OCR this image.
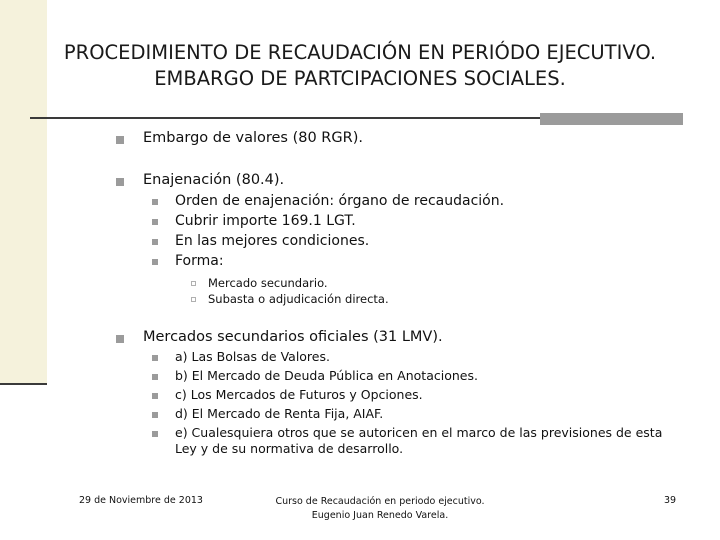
PROCEDIMIENTO DE RECAUDACIÓN EN PERIÓDO EJECUTIVO.
EMBARGO DE PARTCIPACIONES SOCIALES.
Embargo de valores (80 RGR).
Enajenación (80.4).
Orden de enajenación: órgano de recaudación.
Cubrir importe 169.1 LGT.
En las mejores condiciones.
Forma:
Mercado secundario.
Subasta o adjudicación directa.
Mercados secundarios oficiales (31 LMV).
a) Las Bolsas de Valores.
b) El Mercado de Deuda Pública en Anotaciones.
c) Los Mercados de Futuros y Opciones.
d) El Mercado de Renta Fija, AIAF.
e) Cualesquiera otros que se autoricen en el marco de las previsiones de esta
Ley y de su normativa de desarrollo.
29 de Noviembre de 2013	Curso de Recaudación en periodo ejecutivo.
Eugenio Juan Renedo Varela.
39
